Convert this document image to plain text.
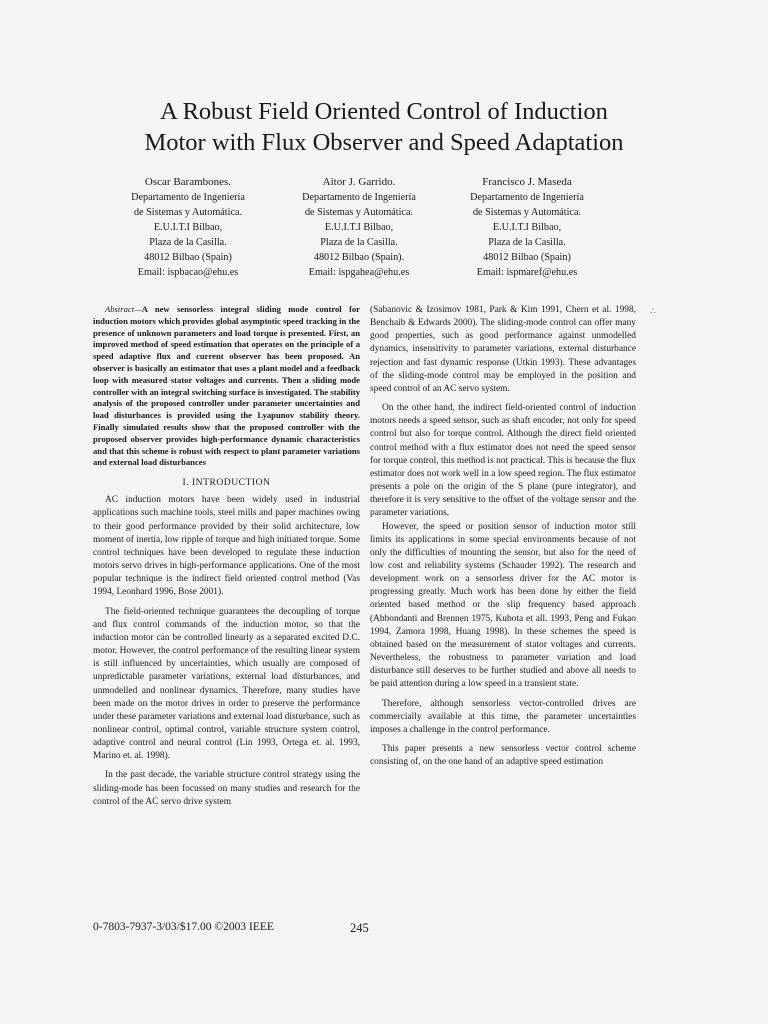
A Robust Field Oriented Control of Induction
Motor with Flux Observer and Speed Adaptation
Oscar Barambones.
Departamento de Ingeniería
de Sistemas y Automática.
E.U.I.T.I Bilbao,
Plaza de la Casilla.
48012 Bilbao (Spain)
Email: ispbacao@ehu.es
Aitor J. Garrido.
Departamento de Ingeniería
de Sistemas y Automática.
E.U.I.T.I Bilbao,
Plaza de la Casilla.
48012 Bilbao (Spain).
Email: ispgahea@ehu.es
Francisco J. Maseda
Departamento de Ingeniería
de Sistemas y Automática.
E.U.I.T.I Bilbao,
Plaza de la Casilla.
48012 Bilbao (Spain)
Email: ispmaref@ehu.es

Abstract—A new sensorless integral sliding mode control for induction motors which provides global asymptotic speed tracking in the presence of unknown parameters and load torque is presented. First, an improved method of speed estimation that operates on the principle of a speed adaptive flux and current observer has been proposed. An observer is basically an estimator that uses a plant model and a feedback loop with measured stator voltages and currents. Then a sliding mode controller with an integral switching surface is investigated. The stability analysis of the proposed controller under parameter uncertainties and load disturbances is provided using the Lyapunov stability theory. Finally simulated results show that the proposed controller with the proposed observer provides high-performance dynamic characteristics and that this scheme is robust with respect to plant parameter variations and external load disturbances

I. INTRODUCTION

AC induction motors have been widely used in industrial applications such machine tools, steel mills and paper machines owing to their good performance provided by their solid architecture, low moment of inertia, low ripple of torque and high initiated torque. Some control techniques have been developed to regulate these induction motors servo drives in high-performance applications. One of the most popular technique is the indirect field oriented control method (Vas 1994, Leonhard 1996, Bose 2001).

The field-oriented technique guarantees the decoupling of torque and flux control commands of the induction motor, so that the induction motor can be controlled linearly as a separated excited D.C. motor. However, the control performance of the resulting linear system is still influenced by uncertainties, which usually are composed of unpredictable parameter variations, external load disturbances, and unmodelled and nonlinear dynamics. Therefore, many studies have been made on the motor drives in order to preserve the performance under these parameter variations and external load disturbance, such as nonlinear control, optimal control, variable structure system control, adaptive control and neural control (Lin 1993, Ortega et. al. 1993, Marino et. al. 1998).

In the past decade, the variable structure control strategy using the sliding-mode has been focussed on many studies and research for the control of the AC servo drive system

(Sabanovic & Izosimov 1981, Park & Kim 1991, Chern et al. 1998, Benchaib & Edwards 2000). The sliding-mode control can offer many good properties, such as good performance against unmodelled dynamics, insensitivity to parameter variations, external disturbance rejection and fast dynamic response (Utkin 1993). These advantages of the sliding-mode control may be employed in the position and speed control of an AC servo system.

On the other hand, the indirect field-oriented control of induction motors needs a speed sensor, such as shaft encoder, not only for speed control but also for torque control. Although the direct field oriented control method with a flux estimator does not need the speed sensor for torque control, this method is not practical. This is because the flux estimator does not work well in a low speed region. The flux estimator presents a pole on the origin of the S plane (pure integrator), and therefore it is very sensitive to the offset of the voltage sensor and the parameter variations.

However, the speed or position sensor of induction motor still limits its applications in some special environments because of not only the difficulties of mounting the sensor, but also for the need of low cost and reliability systems (Schauder 1992). The research and development work on a sensorless driver for the AC motor is progressing greatly. Much work has been done by either the field oriented based method or the slip frequency based approach (Abbondanti and Brennen 1975, Kubota et all. 1993, Peng and Fukao 1994, Zamora 1998, Huang 1998). In these schemes the speed is obtained based on the measurement of stator voltages and currents. Nevertheless, the robustness to parameter variation and load disturbance still deserves to be further studied and above all needs to be paid attention during a low speed in a transient state.

Therefore, although sensorless vector-controlled drives are commercially available at this time, the parameter uncertainties imposes a challenge in the control performance.

This paper presents a new sensorless vector control scheme consisting of, on the one hand of an adaptive speed estimation

∴
0-7803-7937-3/03/$17.00 ©2003 IEEE	245
